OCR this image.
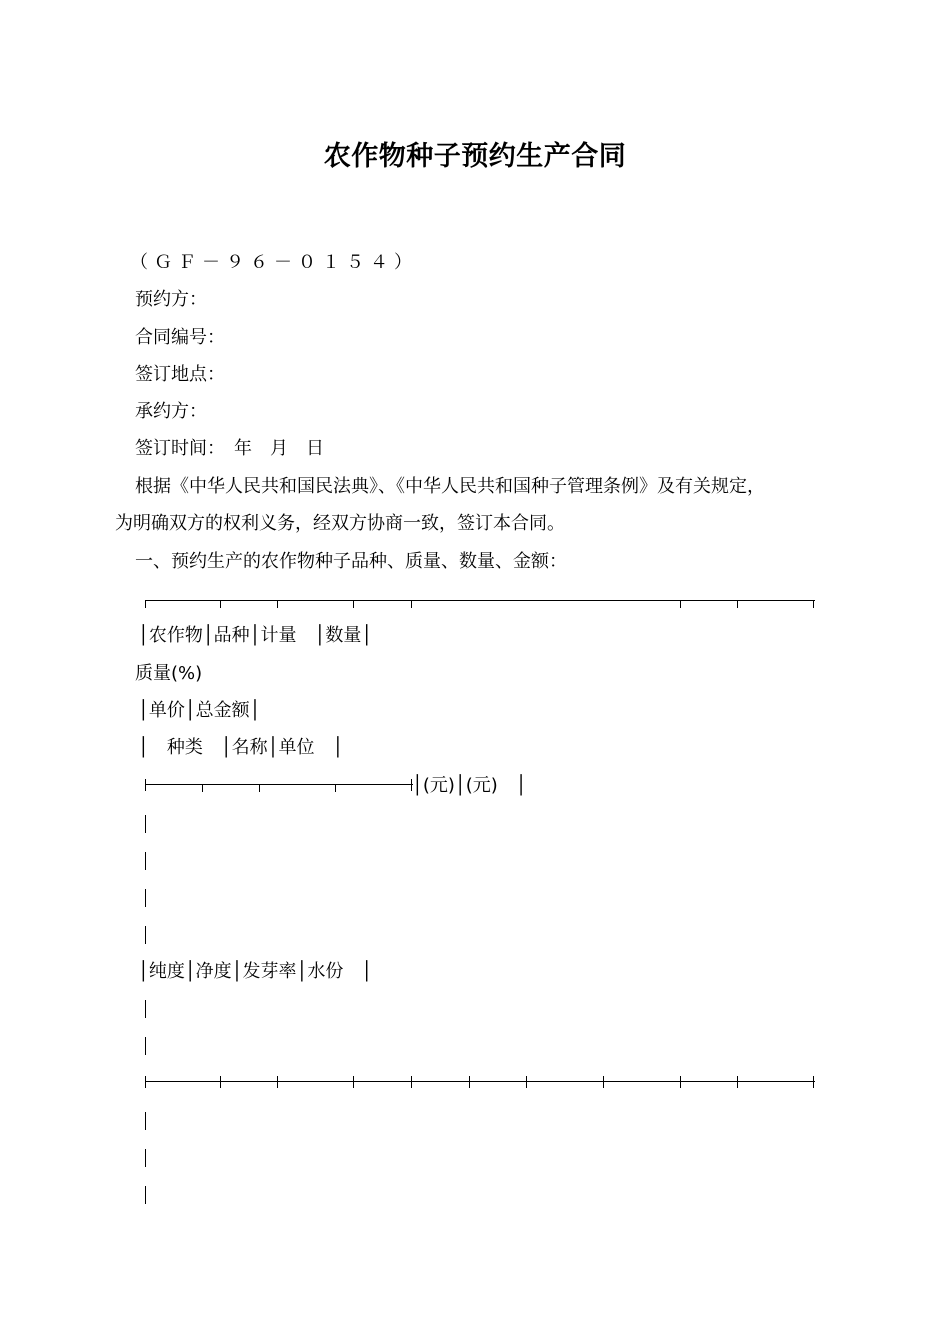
农作物种子预约生产合同
（ＧＦ－９６－０１５４）
预约方：
合同编号：
签订地点：
承约方：
签订时间：　年　月　日
根据《中华人民共和国民法典》、《中华人民共和国种子管理条例》及有关规定，
为明确双方的权利义务，经双方协商一致，签订本合同。
一、预约生产的农作物种子品种、质量、数量、金额：
│农作物│品种│计量　│数量│
质量(%)
│单价│总金额│
│　种类　│名称│单位　│
│(元)│(元)　│
│纯度│净度│发芽率│水份　│
